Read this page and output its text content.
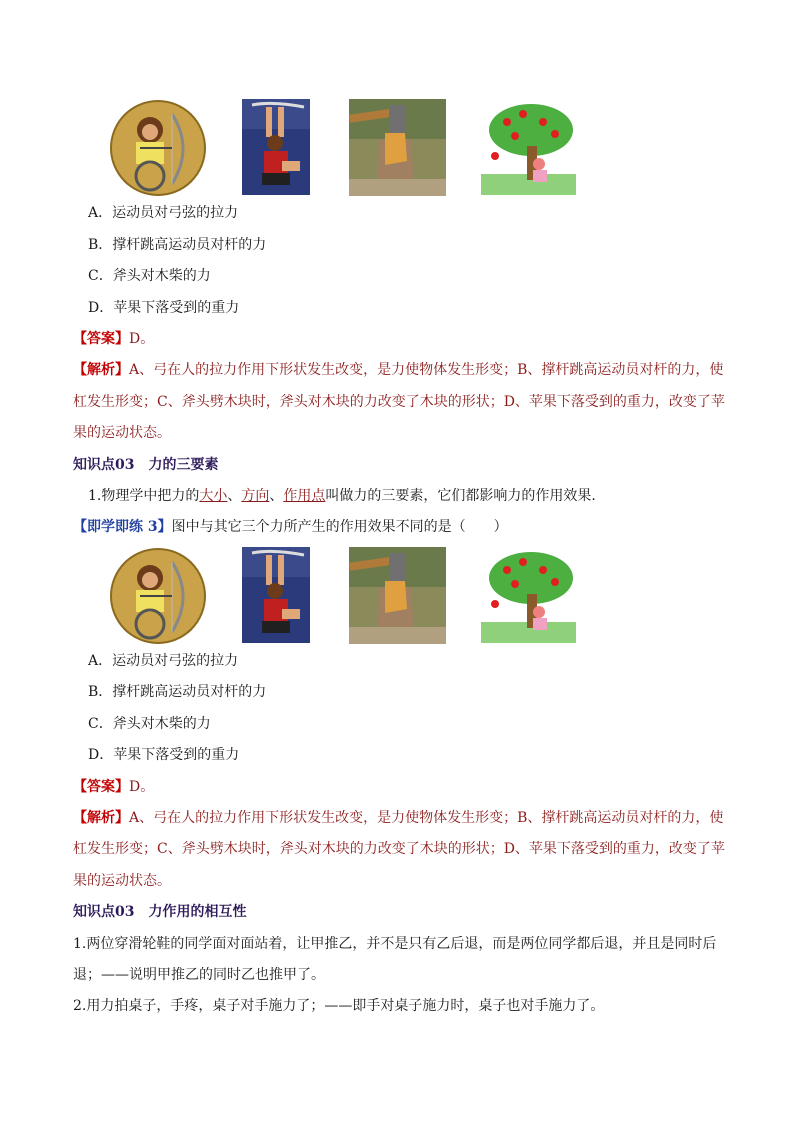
A．运动员对弓弦的拉力
B．撑杆跳高运动员对杆的力
C．斧头对木柴的力
D．苹果下落受到的重力
【答案】D。
【解析】A、弓在人的拉力作用下形状发生改变，是力使物体发生形变；B、撑杆跳高运动员对杆的力，使
杠发生形变；C、斧头劈木块时，斧头对木块的力改变了木块的形状；D、苹果下落受到的重力，改变了苹
果的运动状态。
知识点03　力的三要素
1.物理学中把力的大小、方向、作用点叫做力的三要素，它们都影响力的作用效果.
【即学即练 3】图中与其它三个力所产生的作用效果不同的是（　　）
A．运动员对弓弦的拉力
B．撑杆跳高运动员对杆的力
C．斧头对木柴的力
D．苹果下落受到的重力
【答案】D。
【解析】A、弓在人的拉力作用下形状发生改变，是力使物体发生形变；B、撑杆跳高运动员对杆的力，使
杠发生形变；C、斧头劈木块时，斧头对木块的力改变了木块的形状；D、苹果下落受到的重力，改变了苹
果的运动状态。
知识点03　力作用的相互性
1.两位穿滑轮鞋的同学面对面站着，让甲推乙，并不是只有乙后退，而是两位同学都后退，并且是同时后
退；——说明甲推乙的同时乙也推甲了。
2.用力拍桌子，手疼，桌子对手施力了；——即手对桌子施力时，桌子也对手施力了。
